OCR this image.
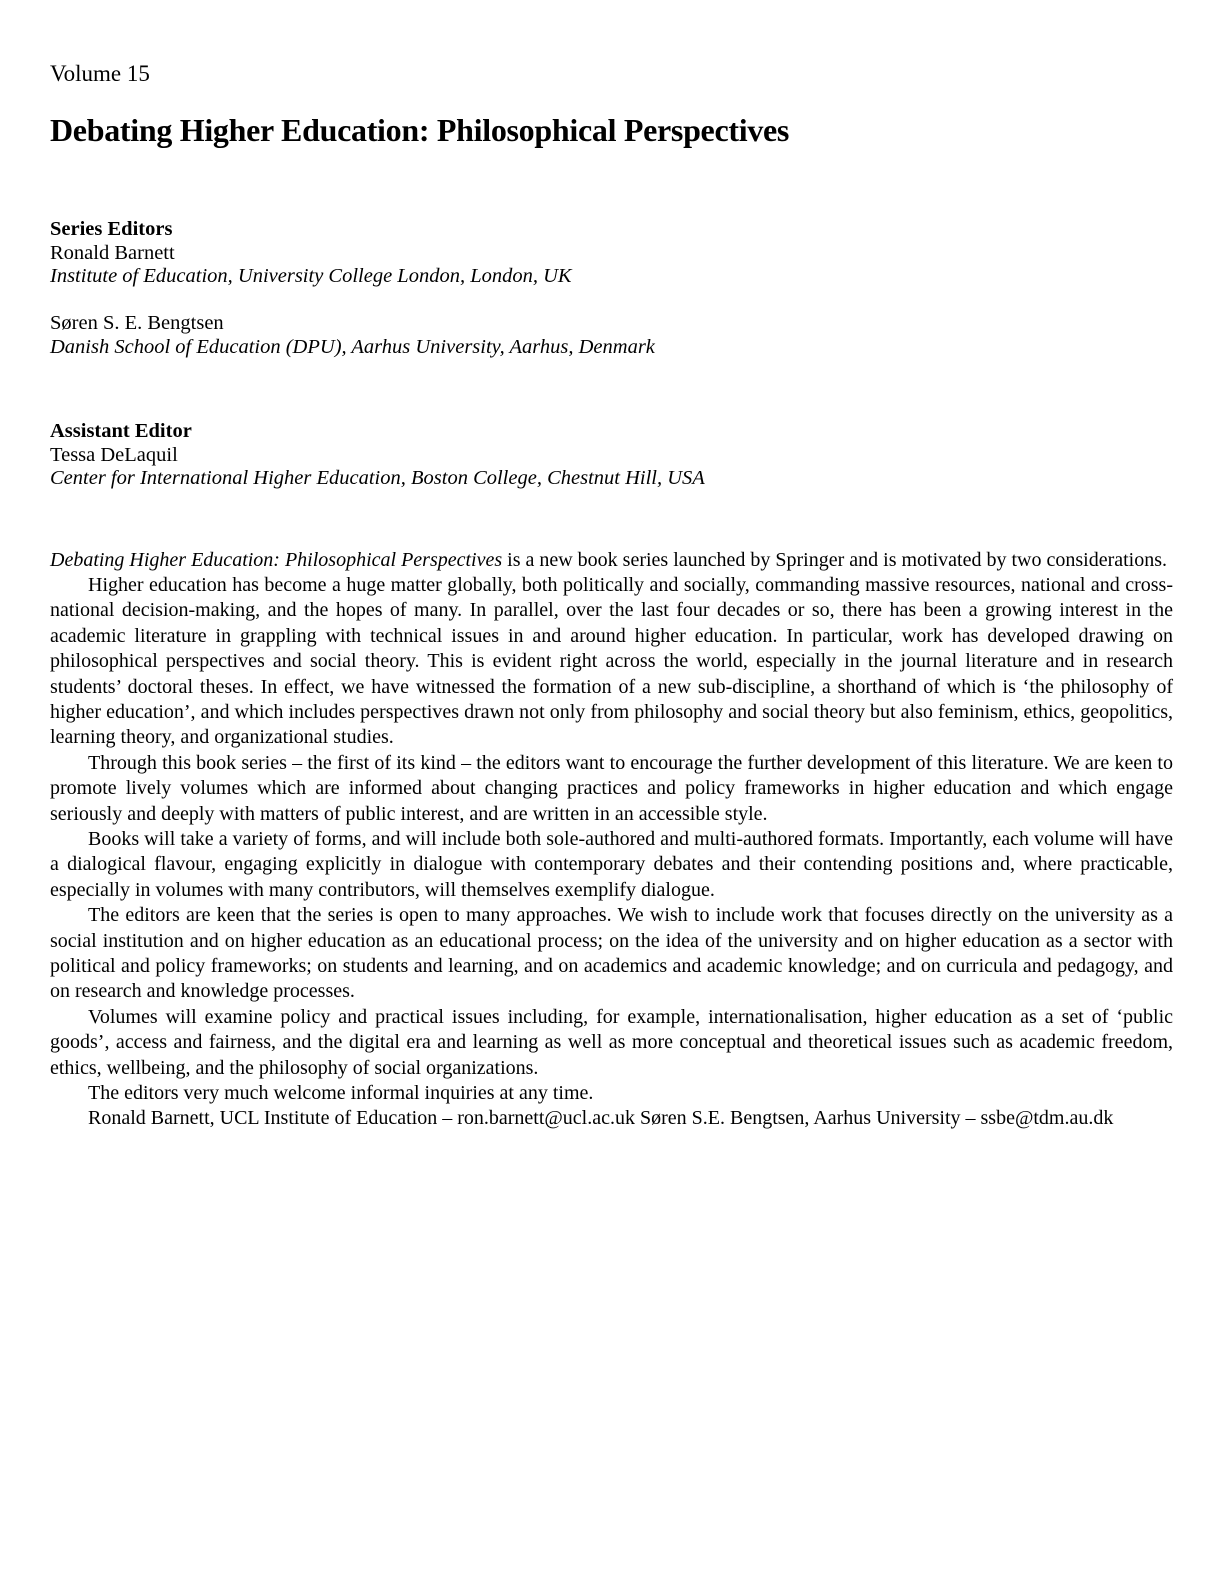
Volume 15
Debating Higher Education: Philosophical Perspectives
Series Editors
Ronald Barnett
Institute of Education, University College London, London, UK
Søren S. E. Bengtsen
Danish School of Education (DPU), Aarhus University, Aarhus, Denmark
Assistant Editor
Tessa DeLaquil
Center for International Higher Education, Boston College, Chestnut Hill, USA

Debating Higher Education: Philosophical Perspectives is a new book series launched by Springer and is motivated by two considerations.

Higher education has become a huge matter globally, both politically and socially, commanding massive resources, national and cross-national decision-making, and the hopes of many. In parallel, over the last four decades or so, there has been a growing interest in the academic literature in grappling with technical issues in and around higher education. In particular, work has developed drawing on philosophical perspectives and social theory. This is evident right across the world, especially in the journal literature and in research students’ doctoral theses. In effect, we have witnessed the formation of a new sub-discipline, a shorthand of which is ‘the philosophy of higher education’, and which includes perspectives drawn not only from philosophy and social theory but also feminism, ethics, geopolitics, learning theory, and organizational studies.

Through this book series – the first of its kind – the editors want to encourage the further development of this literature. We are keen to promote lively volumes which are informed about changing practices and policy frameworks in higher education and which engage seriously and deeply with matters of public interest, and are written in an accessible style.

Books will take a variety of forms, and will include both sole-authored and multi-authored formats. Importantly, each volume will have a dialogical flavour, engaging explicitly in dialogue with contemporary debates and their contending positions and, where practicable, especially in volumes with many contributors, will themselves exemplify dialogue.

The editors are keen that the series is open to many approaches. We wish to include work that focuses directly on the university as a social institution and on higher education as an educational process; on the idea of the university and on higher education as a sector with political and policy frameworks; on students and learning, and on academics and academic knowledge; and on curricula and pedagogy, and on research and knowledge processes.

Volumes will examine policy and practical issues including, for example, internationalisation, higher education as a set of ‘public goods’, access and fairness, and the digital era and learning as well as more conceptual and theoretical issues such as academic freedom, ethics, wellbeing, and the philosophy of social organizations.

The editors very much welcome informal inquiries at any time.

Ronald Barnett, UCL Institute of Education – ron.barnett@ucl.ac.uk Søren S.E. Bengtsen, Aarhus University – ssbe@tdm.au.dk
